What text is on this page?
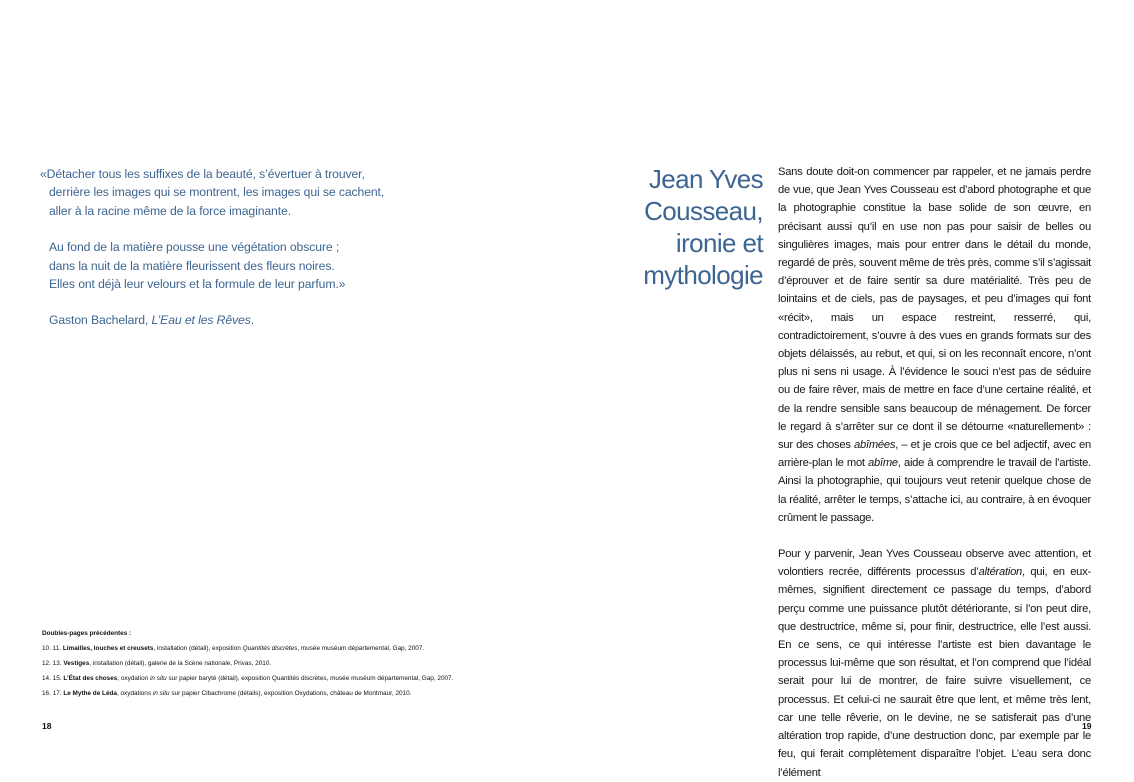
«Détacher tous les suffixes de la beauté, s’évertuer à trouver,
derrière les images qui se montrent, les images qui se cachent,
aller à la racine même de la force imaginante.
Au fond de la matière pousse une végétation obscure ;
dans la nuit de la matière fleurissent des fleurs noires.
Elles ont déjà leur velours et la formule de leur parfum.»
Gaston Bachelard, L’Eau et les Rêves.
Doubles-pages précédentes :
10. 11. Limailles, louches et creusets, installation (détail), exposition Quantités discrètes, musée muséum départemental, Gap, 2007.
12. 13. Vestiges, installation (détail), galerie de la Scène nationale, Privas, 2010.
14. 15. L’État des choses, oxydation in situ sur papier baryté (détail), exposition Quantités discrètes, musée muséum départemental, Gap, 2007.
16. 17. Le Mythe de Léda, oxydations in situ sur papier Cibachrome (détails), exposition Oxydations, château de Montmaur, 2010.
18	19
Jean Yves
Cousseau,
ironie et
mythologie

Sans doute doit-on commencer par rappeler, et ne jamais perdre de vue, que Jean Yves Cousseau est d’abord photographe et que la photographie constitue la base solide de son œuvre, en précisant aussi qu’il en use non pas pour saisir de belles ou singulières images, mais pour entrer dans le détail du monde, regardé de près, souvent même de très près, comme s’il s’agissait d’éprouver et de faire sentir sa dure matérialité. Très peu de lointains et de ciels, pas de paysages, et peu d’images qui font «récit», mais un espace restreint, resserré, qui, contradictoirement, s’ouvre à des vues en grands formats sur des objets délaissés, au rebut, et qui, si on les reconnaît encore, n’ont plus ni sens ni usage. À l’évidence le souci n’est pas de séduire ou de faire rêver, mais de mettre en face d’une certaine réalité, et de la rendre sensible sans beaucoup de ménagement. De forcer le regard à s’arrêter sur ce dont il se détourne «naturellement» : sur des choses abîmées, – et je crois que ce bel adjectif, avec en arrière-plan le mot abîme, aide à comprendre le travail de l’artiste. Ainsi la photographie, qui toujours veut retenir quelque chose de la réalité, arrêter le temps, s’attache ici, au contraire, à en évoquer crûment le passage.

Pour y parvenir, Jean Yves Cousseau observe avec attention, et volontiers recrée, différents processus d’altération, qui, en eux-mêmes, signifient directement ce passage du temps, d’abord perçu comme une puissance plutôt détériorante, si l’on peut dire, que destructrice, même si, pour finir, destructrice, elle l’est aussi. En ce sens, ce qui intéresse l’artiste est bien davantage le processus lui-même que son résultat, et l’on comprend que l’idéal serait pour lui de montrer, de faire suivre visuellement, ce processus. Et celui-ci ne saurait être que lent, et même très lent, car une telle rêverie, on le devine, ne se satisferait pas d’une altération trop rapide, d’une destruction donc, par exemple par le feu, qui ferait complètement disparaître l’objet. L’eau sera donc l’élément
